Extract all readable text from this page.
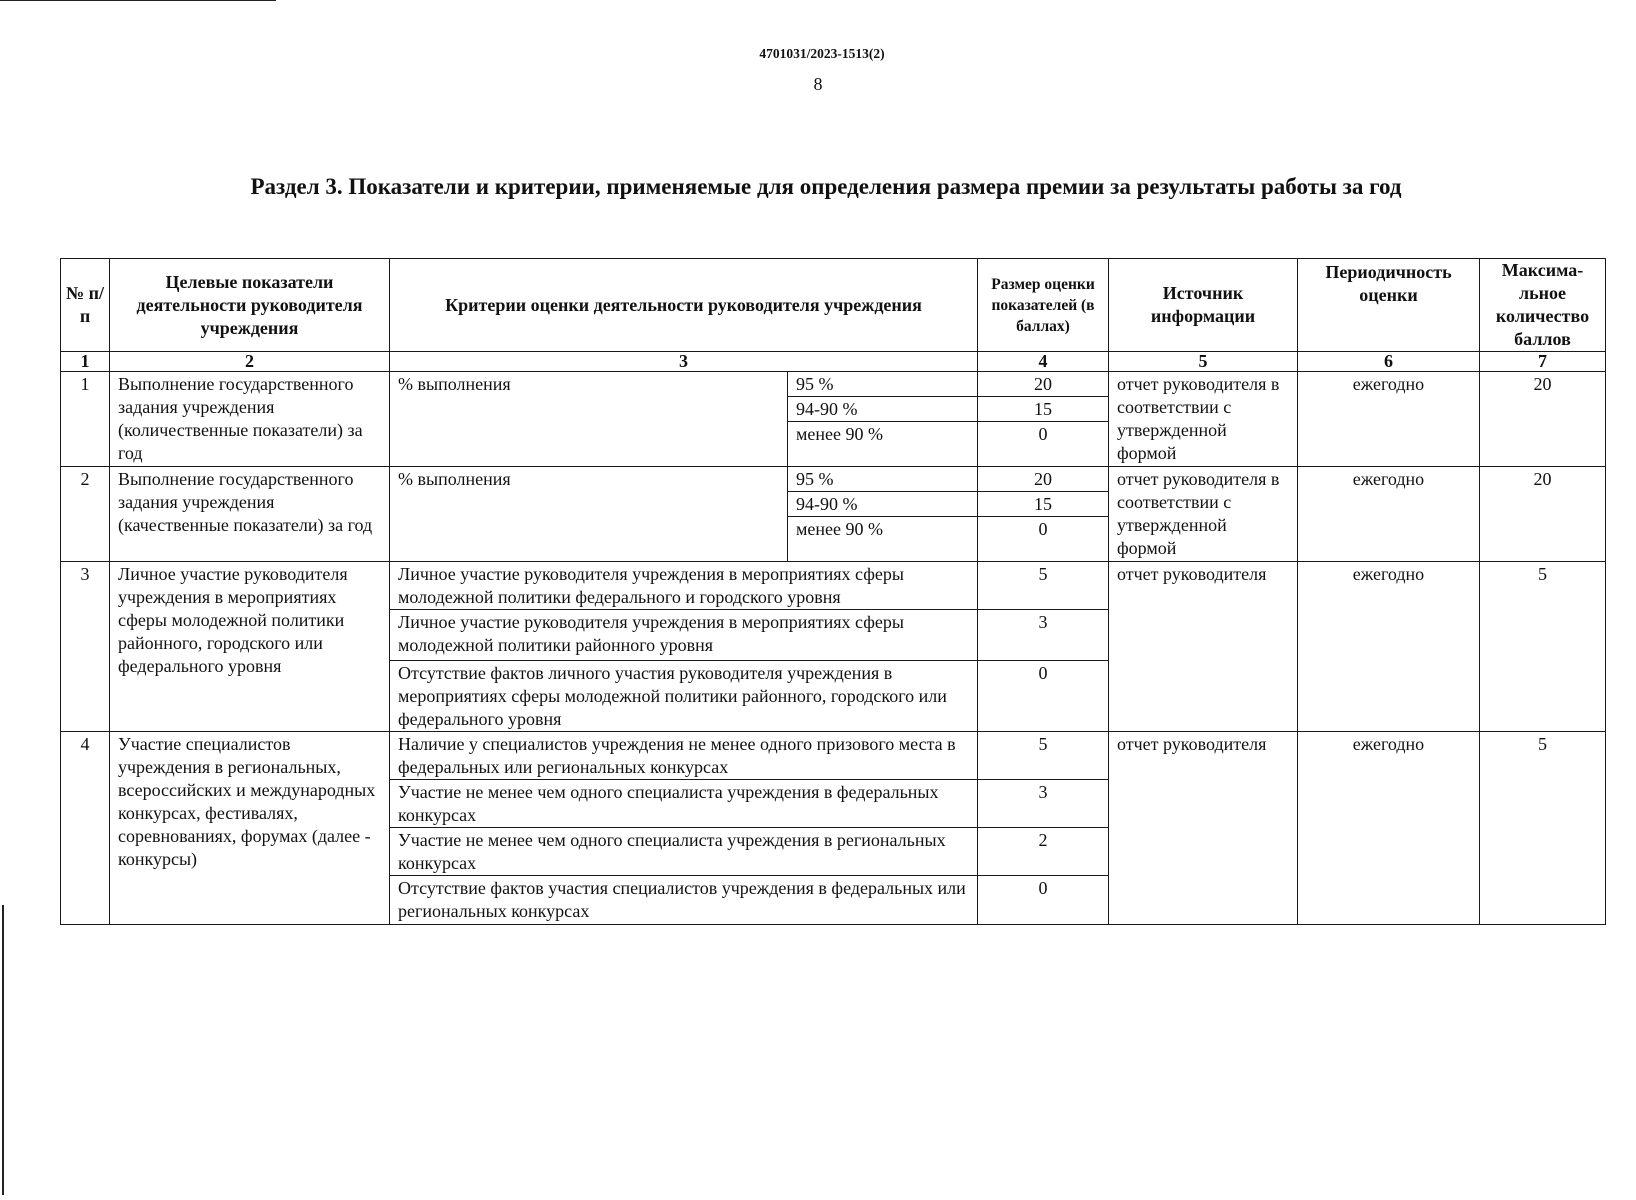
4701031/2023-1513(2)
8
Раздел 3. Показатели и критерии, применяемые для определения размера премии за результаты работы за год
№ п/п	Целевые показатели деятельности руководителя учреждения	Критерии оценки деятельности руководителя учреждения		Размер оценки показателей (в баллах)	Источник информации	Периодичность оценки	Максима-льное количество баллов
1	2	3		4	5	6	7
1	Выполнение государственного задания учреждения (количественные показатели) за год	% выполнения	95 %	20	отчет руководителя в соответствии с утвержденной формой	ежегодно	20
			94-90 %	15			
			менее 90 %	0			
2	Выполнение государственного задания учреждения (качественные показатели) за год	% выполнения	95 %	20	отчет руководителя в соответствии с утвержденной формой	ежегодно	20
			94-90 %	15			
			менее 90 %	0			
3	Личное участие руководителя учреждения в мероприятиях сферы молодежной политики районного, городского или федерального уровня	Личное участие руководителя учреждения в мероприятиях сферы молодежной политики федерального и городского уровня		5	отчет руководителя	ежегодно	5
		Личное участие руководителя учреждения в мероприятиях сферы молодежной политики районного уровня		3			
		Отсутствие фактов личного участия руководителя учреждения в мероприятиях сферы молодежной политики районного, городского или федерального уровня		0			
4	Участие специалистов учреждения в региональных, всероссийских и международных конкурсах, фестивалях, соревнованиях, форумах (далее - конкурсы)	Наличие у специалистов учреждения не менее одного призового места в федеральных или региональных конкурсах		5	отчет руководителя	ежегодно	5
		Участие не менее чем одного специалиста учреждения в федеральных конкурсах		3			
		Участие не менее чем одного специалиста учреждения в региональных конкурсах		2			
		Отсутствие фактов участия специалистов учреждения в федеральных или региональных конкурсах		0			
